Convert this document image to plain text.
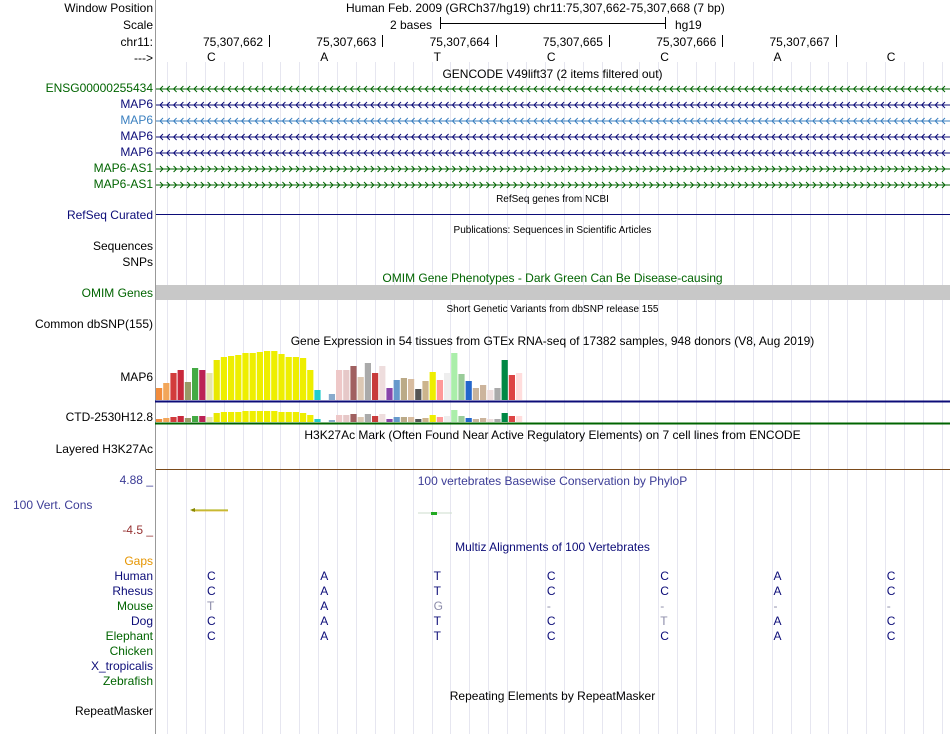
Window Position	Human Feb. 2009 (GRCh37/hg19) chr11:75,307,662-75,307,668 (7 bp)
Scale	2 bases	hg19
chr11:	75,307,662	75,307,663	75,307,664	75,307,665	75,307,666	75,307,667
--->	C	A	T	C	C	A	C
GENCODE V49lift37 (2 items filtered out)
ENSG00000255434
MAP6
MAP6
MAP6
MAP6
MAP6-AS1
MAP6-AS1
RefSeq genes from NCBI
RefSeq Curated
Publications: Sequences in Scientific Articles
Sequences
SNPs
OMIM Gene Phenotypes - Dark Green Can Be Disease-causing
OMIM Genes
Short Genetic Variants from dbSNP release 155
Common dbSNP(155)
Gene Expression in 54 tissues from GTEx RNA-seq of 17382 samples, 948 donors (V8, Aug 2019)
MAP6
CTD-2530H12.8
H3K27Ac Mark (Often Found Near Active Regulatory Elements) on 7 cell lines from ENCODE
Layered H3K27Ac
4.88 _	100 vertebrates Basewise Conservation by PhyloP
100 Vert. Cons
-4.5 _
Multiz Alignments of 100 Vertebrates
Gaps
Human	C	A	T	C	C	A	C
Rhesus	C	A	T	C	C	A	C
Mouse	T	A	G	-	-	-	-
Dog	C	A	T	C	T	A	C
Elephant	C	A	T	C	C	A	C
Chicken
X_tropicalis
Zebrafish
Repeating Elements by RepeatMasker
RepeatMasker
